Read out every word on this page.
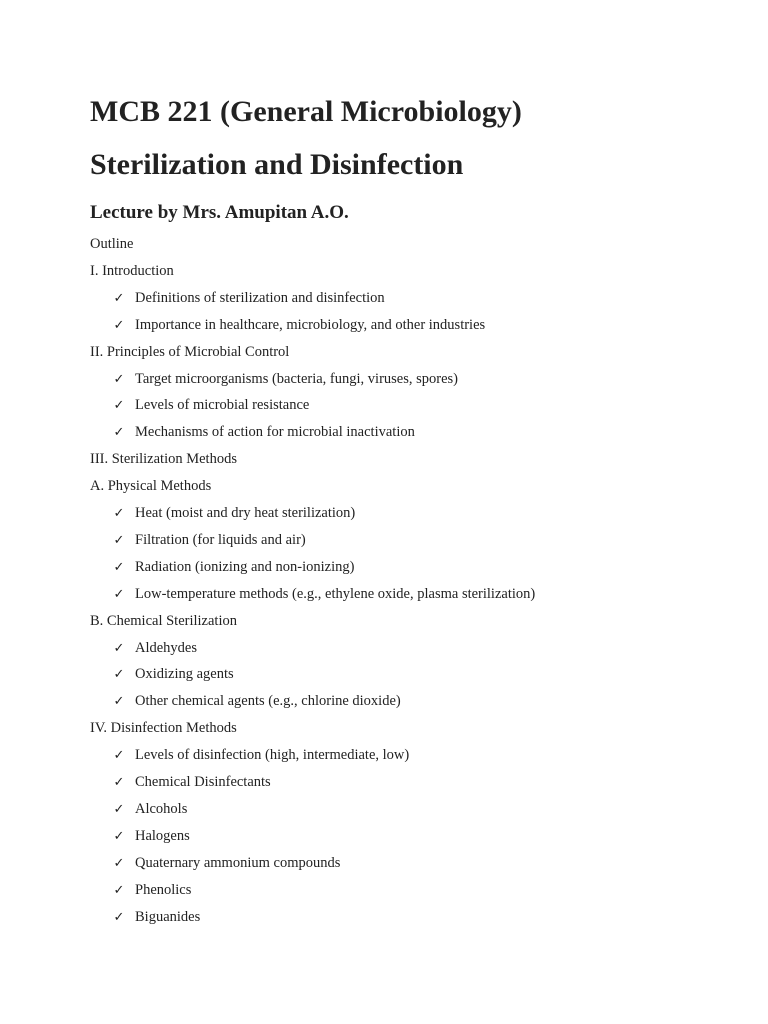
MCB 221 (General Microbiology)
Sterilization and Disinfection
Lecture by Mrs. Amupitan A.O.
Outline
I. Introduction
✓ Definitions of sterilization and disinfection
✓ Importance in healthcare, microbiology, and other industries
II. Principles of Microbial Control
✓ Target microorganisms (bacteria, fungi, viruses, spores)
✓ Levels of microbial resistance
✓ Mechanisms of action for microbial inactivation
III. Sterilization Methods
A. Physical Methods
✓ Heat (moist and dry heat sterilization)
✓ Filtration (for liquids and air)
✓ Radiation (ionizing and non-ionizing)
✓ Low-temperature methods (e.g., ethylene oxide, plasma sterilization)
B. Chemical Sterilization
✓ Aldehydes
✓ Oxidizing agents
✓ Other chemical agents (e.g., chlorine dioxide)
IV. Disinfection Methods
✓ Levels of disinfection (high, intermediate, low)
✓ Chemical Disinfectants
✓ Alcohols
✓ Halogens
✓ Quaternary ammonium compounds
✓ Phenolics
✓ Biguanides
